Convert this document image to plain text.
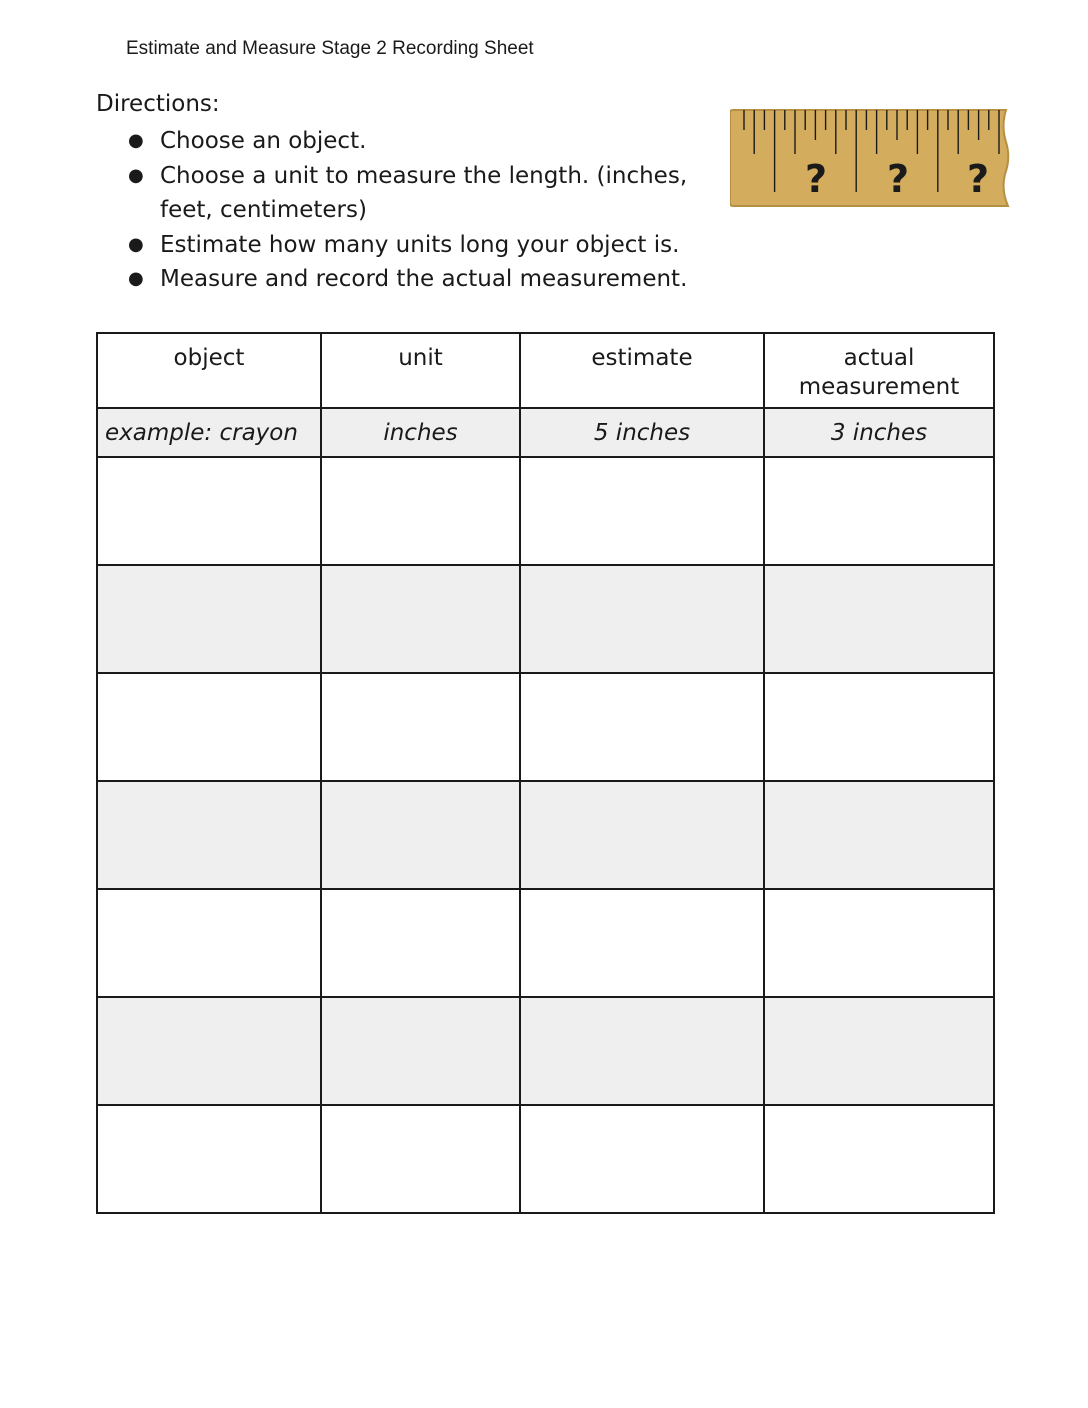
Estimate and Measure Stage 2 Recording Sheet
Directions:
● Choose an object.
● Choose a unit to measure the length. (inches, feet, centimeters)
● Estimate how many units long your object is.
● Measure and record the actual measurement.
? ? ?
object	unit	estimate	actual measurement
example: crayon	inches	5 inches	3 inches
